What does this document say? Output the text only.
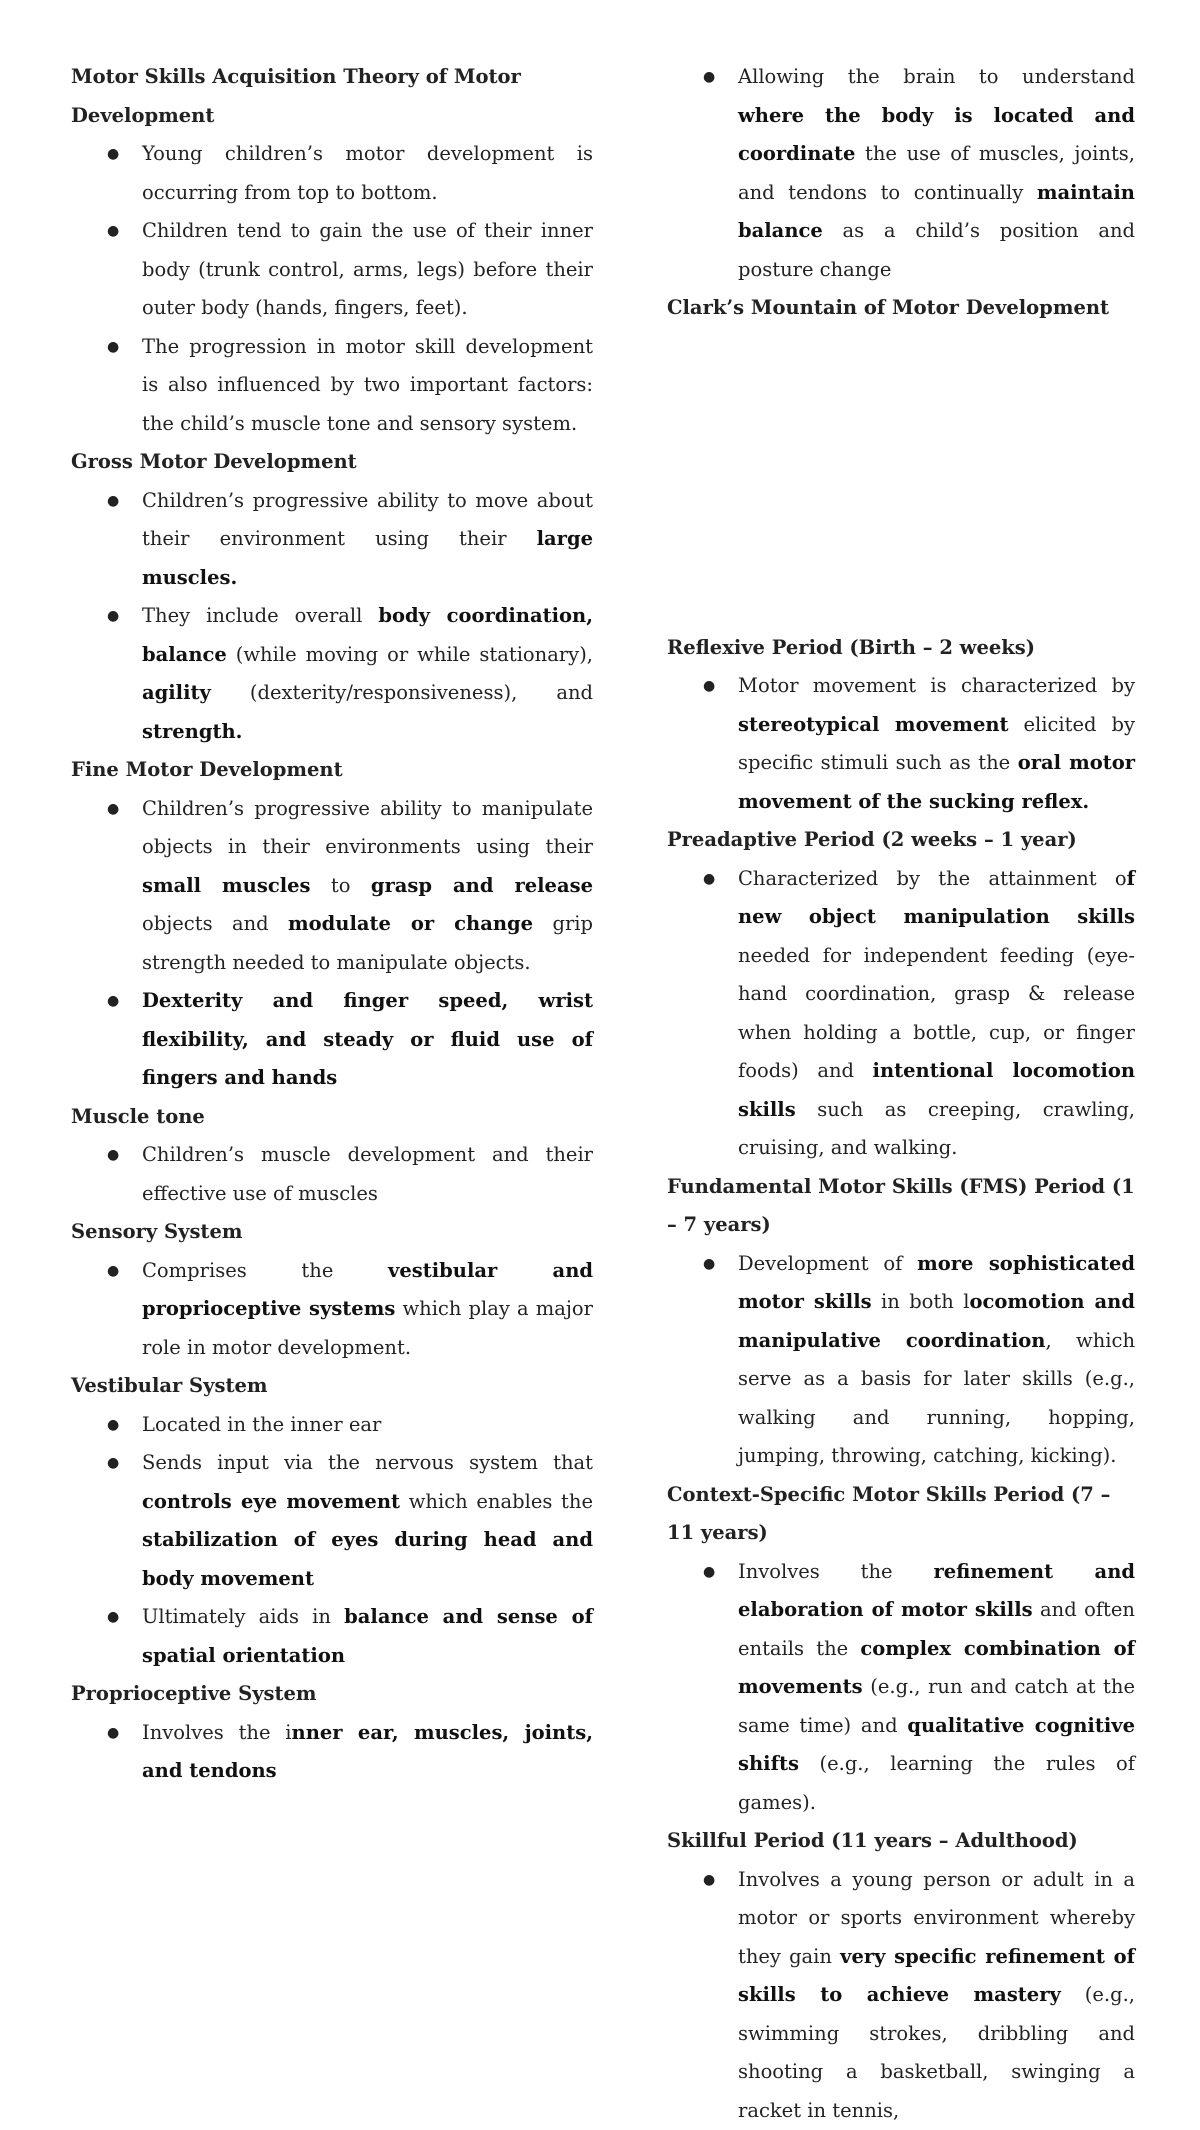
Motor Skills Acquisition Theory of Motor Development

● Young children’s motor development is occurring from top to bottom.
● Children tend to gain the use of their inner body (trunk control, arms, legs) before their outer body (hands, fingers, feet).
● The progression in motor skill development is also influenced by two important factors: the child’s muscle tone and sensory system.

Gross Motor Development

● Children’s progressive ability to move about their environment using their large muscles.
● They include overall body coordination, balance (while moving or while stationary), agility (dexterity/responsiveness), and strength.

Fine Motor Development

● Children’s progressive ability to manipulate objects in their environments using their small muscles to grasp and release objects and modulate or change grip strength needed to manipulate objects.
● Dexterity and finger speed, wrist flexibility, and steady or fluid use of fingers and hands

Muscle tone

● Children’s muscle development and their effective use of muscles

Sensory System

● Comprises the vestibular and proprioceptive systems which play a major role in motor development.

Vestibular System

● Located in the inner ear
● Sends input via the nervous system that controls eye movement which enables the stabilization of eyes during head and body movement
● Ultimately aids in balance and sense of spatial orientation

Proprioceptive System

● Involves the inner ear, muscles, joints, and tendons
● Allowing the brain to understand where the body is located and coordinate the use of muscles, joints, and tendons to continually maintain balance as a child’s position and posture change

Clark’s Mountain of Motor Development

Reflexive Period (Birth – 2 weeks)

● Motor movement is characterized by stereotypical movement elicited by specific stimuli such as the oral motor movement of the sucking reflex.

Preadaptive Period (2 weeks – 1 year)

● Characterized by the attainment of new object manipulation skills needed for independent feeding (eye-hand coordination, grasp & release when holding a bottle, cup, or finger foods) and intentional locomotion skills such as creeping, crawling, cruising, and walking.

Fundamental Motor Skills (FMS) Period (1 – 7 years)

● Development of more sophisticated motor skills in both locomotion and manipulative coordination, which serve as a basis for later skills (e.g., walking and running, hopping, jumping, throwing, catching, kicking).

Context-Specific Motor Skills Period (7 – 11 years)

● Involves the refinement and elaboration of motor skills and often entails the complex combination of movements (e.g., run and catch at the same time) and qualitative cognitive shifts (e.g., learning the rules of games).

Skillful Period (11 years – Adulthood)

● Involves a young person or adult in a motor or sports environment whereby they gain very specific refinement of skills to achieve mastery (e.g., swimming strokes, dribbling and shooting a basketball, swinging a racket in tennis,
